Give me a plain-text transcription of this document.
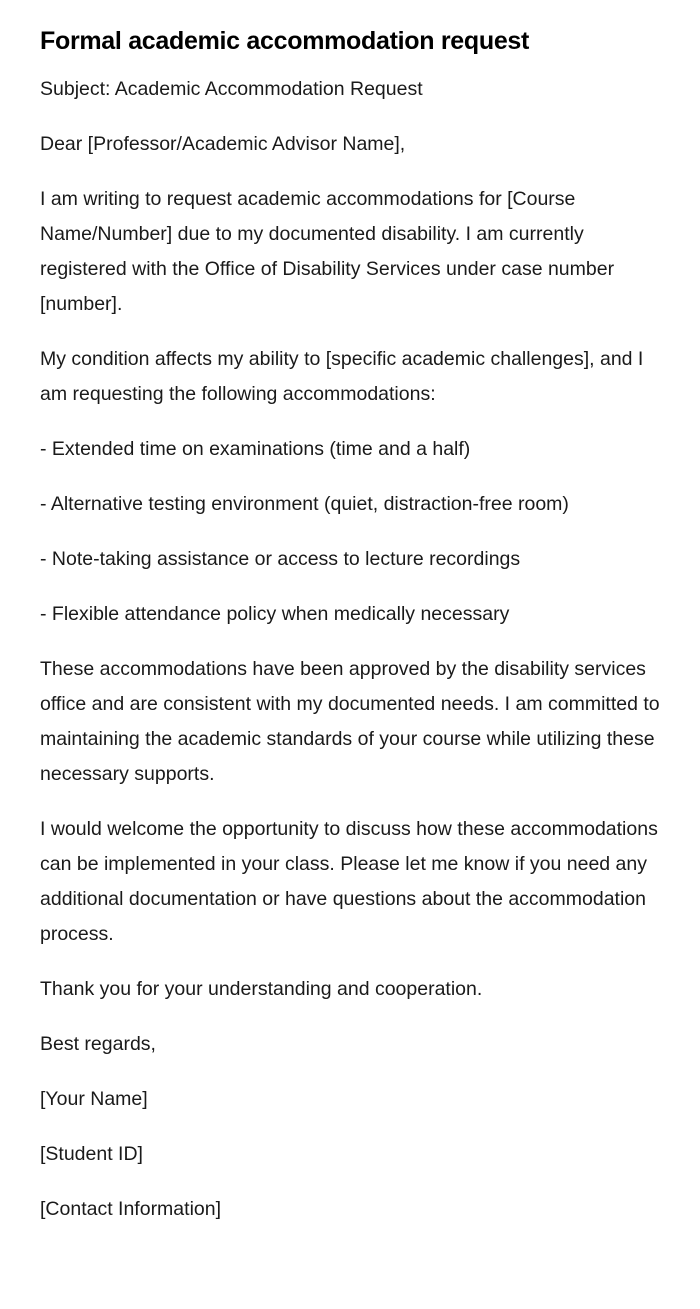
Formal academic accommodation request

Subject: Academic Accommodation Request

Dear [Professor/Academic Advisor Name],

I am writing to request academic accommodations for [Course Name/Number] due to my documented disability. I am currently registered with the Office of Disability Services under case number [number].

My condition affects my ability to [specific academic challenges], and I am requesting the following accommodations:

- Extended time on examinations (time and a half)

- Alternative testing environment (quiet, distraction-free room)

- Note-taking assistance or access to lecture recordings

- Flexible attendance policy when medically necessary

These accommodations have been approved by the disability services office and are consistent with my documented needs. I am committed to maintaining the academic standards of your course while utilizing these necessary supports.

I would welcome the opportunity to discuss how these accommodations can be implemented in your class. Please let me know if you need any additional documentation or have questions about the accommodation process.

Thank you for your understanding and cooperation.

Best regards,

[Your Name]

[Student ID]

[Contact Information]
